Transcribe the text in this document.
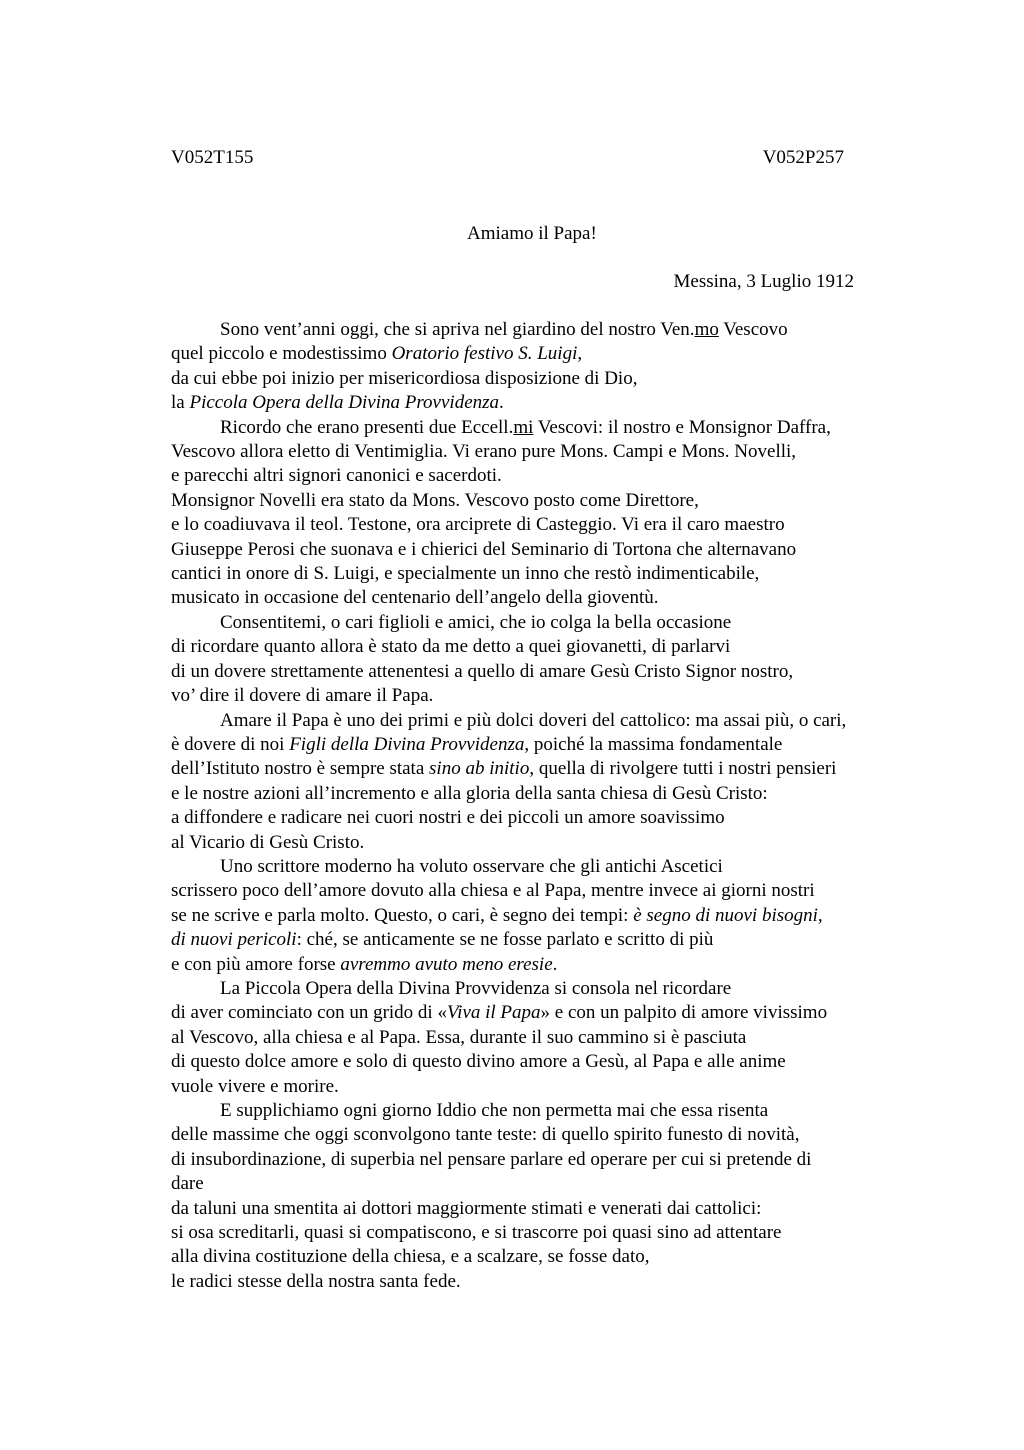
V052T155	V052P257
Amiamo il Papa!
Messina, 3 Luglio 1912
Sono vent’anni oggi, che si apriva nel giardino del nostro Ven.mo Vescovo
quel piccolo e modestissimo Oratorio festivo S. Luigi,
da cui ebbe poi inizio per misericordiosa disposizione di Dio,
la Piccola Opera della Divina Provvidenza.
Ricordo che erano presenti due Eccell.mi Vescovi: il nostro e Monsignor Daffra,
Vescovo allora eletto di Ventimiglia. Vi erano pure Mons. Campi e Mons. Novelli,
e parecchi altri signori canonici e sacerdoti.
Monsignor Novelli era stato da Mons. Vescovo posto come Direttore,
e lo coadiuvava il teol. Testone, ora arciprete di Casteggio. Vi era il caro maestro
Giuseppe Perosi che suonava e i chierici del Seminario di Tortona che alternavano
cantici in onore di S. Luigi, e specialmente un inno che restò indimenticabile,
musicato in occasione del centenario dell’angelo della gioventù.
Consentitemi, o cari figlioli e amici, che io colga la bella occasione
di ricordare quanto allora è stato da me detto a quei giovanetti, di parlarvi
di un dovere strettamente attenentesi a quello di amare Gesù Cristo Signor nostro,
vo’ dire il dovere di amare il Papa.
Amare il Papa è uno dei primi e più dolci doveri del cattolico: ma assai più, o cari,
è dovere di noi Figli della Divina Provvidenza, poiché la massima fondamentale
dell’Istituto nostro è sempre stata sino ab initio, quella di rivolgere tutti i nostri pensieri
e le nostre azioni all’incremento e alla gloria della santa chiesa di Gesù Cristo:
a diffondere e radicare nei cuori nostri e dei piccoli un amore soavissimo
al Vicario di Gesù Cristo.
Uno scrittore moderno ha voluto osservare che gli antichi Ascetici
scrissero poco dell’amore dovuto alla chiesa e al Papa, mentre invece ai giorni nostri
se ne scrive e parla molto. Questo, o cari, è segno dei tempi: è segno di nuovi bisogni,
di nuovi pericoli: ché, se anticamente se ne fosse parlato e scritto di più
e con più amore forse avremmo avuto meno eresie.
La Piccola Opera della Divina Provvidenza si consola nel ricordare
di aver cominciato con un grido di «Viva il Papa» e con un palpito di amore vivissimo
al Vescovo, alla chiesa e al Papa. Essa, durante il suo cammino si è pasciuta
di questo dolce amore e solo di questo divino amore a Gesù, al Papa e alle anime
vuole vivere e morire.
E supplichiamo ogni giorno Iddio che non permetta mai che essa risenta
delle massime che oggi sconvolgono tante teste: di quello spirito funesto di novità,
di insubordinazione, di superbia nel pensare parlare ed operare per cui si pretende di
dare
da taluni una smentita ai dottori maggiormente stimati e venerati dai cattolici:
si osa screditarli, quasi si compatiscono, e si trascorre poi quasi sino ad attentare
alla divina costituzione della chiesa, e a scalzare, se fosse dato,
le radici stesse della nostra santa fede.
